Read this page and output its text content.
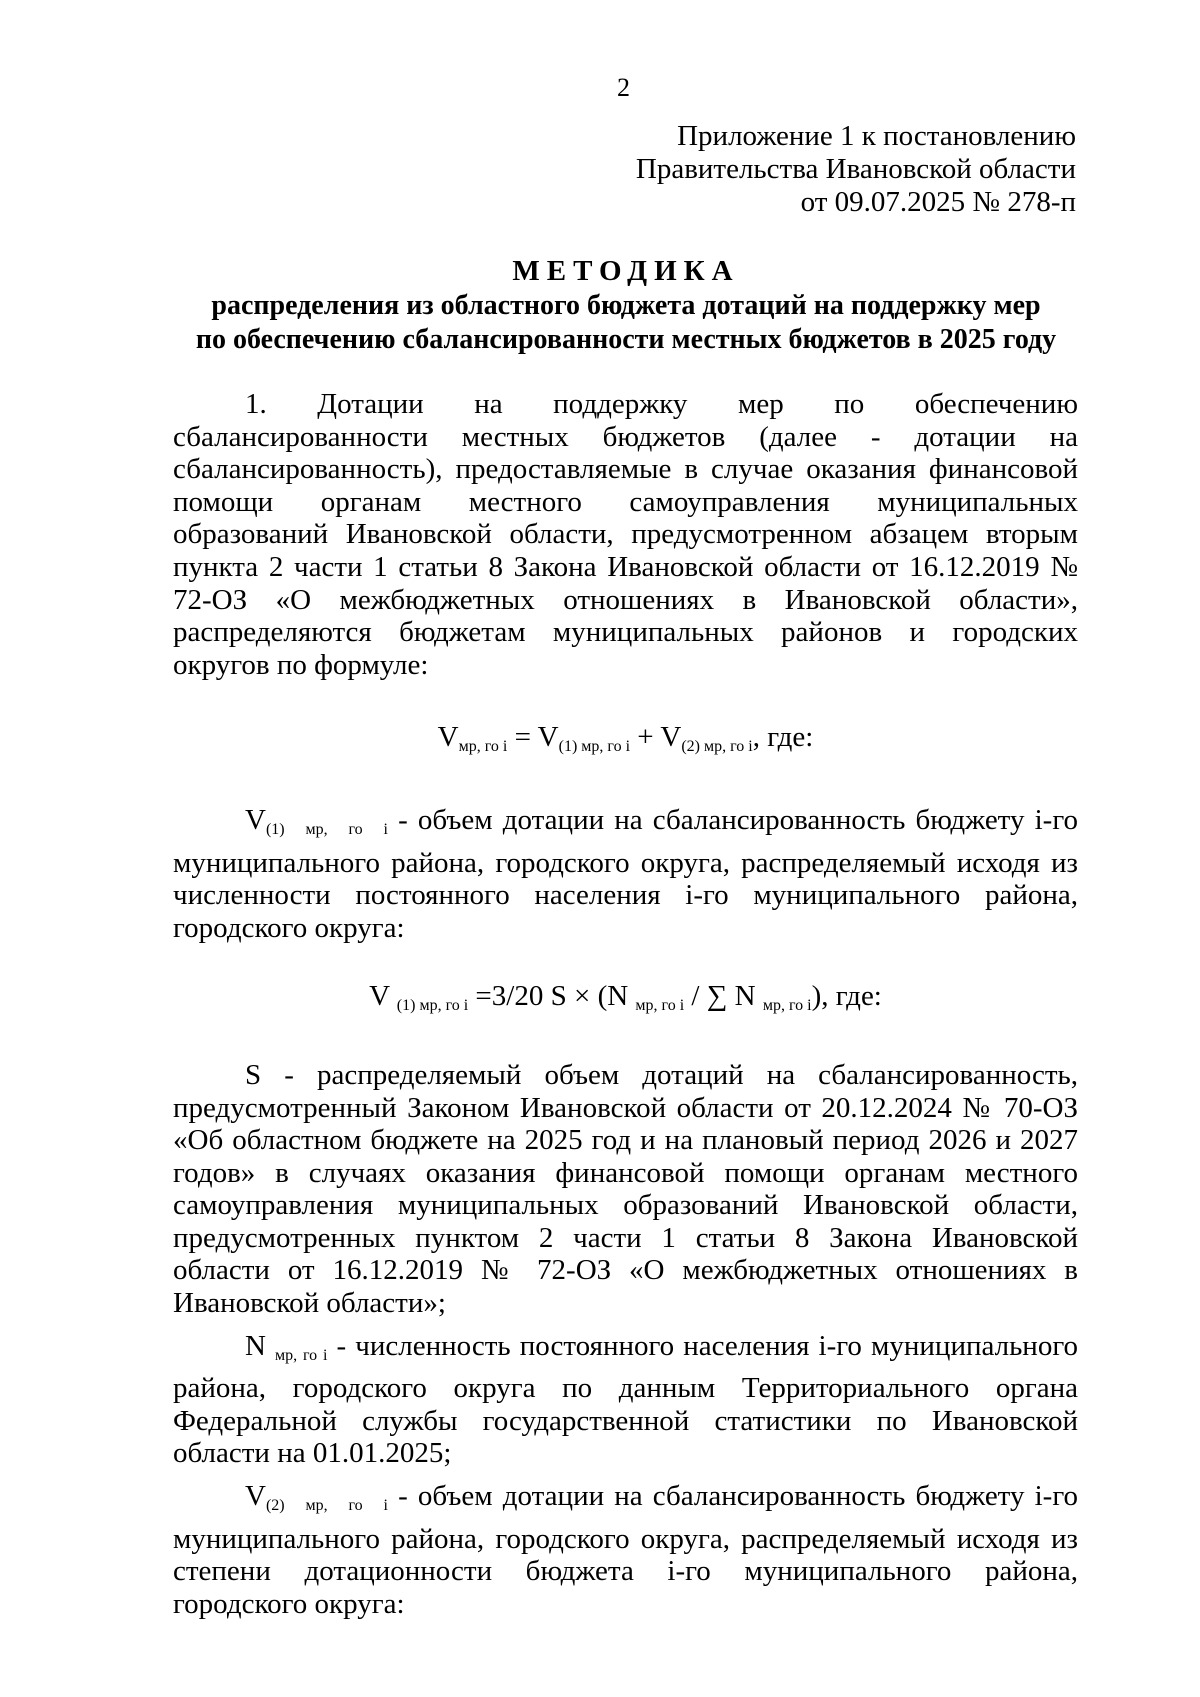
2
Приложение 1 к постановлению
Правительства Ивановской области
от 09.07.2025 № 278-п
МЕТОДИКА
распределения из областного бюджета дотаций на поддержку мер
по обеспечению сбалансированности местных бюджетов в 2025 году

1. Дотации на поддержку мер по обеспечению сбалансированности местных бюджетов (далее - дотации на сбалансированность), предоставляемые в случае оказания финансовой помощи органам местного самоуправления муниципальных образований Ивановской области, предусмотренном абзацем вторым пункта 2 части 1 статьи 8 Закона Ивановской области от 16.12.2019 № 72-ОЗ «О межбюджетных отношениях в Ивановской области», распределяются бюджетам муниципальных районов и городских округов по формуле:

$V_{мр, го i} = V_{(1) мр, го i} + V_{(2) мр, го i}$, где:

$V_{(1) мр, го i}$ - объем дотации на сбалансированность бюджету i-го муниципального района, городского округа, распределяемый исходя из численности постоянного населения i-го муниципального района, городского округа:

V $_{(1) мр, го i}$ =3/20 S × (N $_{мр, го i}$ / ∑ N $_{мр, го i}$), где:

S - распределяемый объем дотаций на сбалансированность, предусмотренный Законом Ивановской области от 20.12.2024 № 70-ОЗ «Об областном бюджете на 2025 год и на плановый период 2026 и 2027 годов» в случаях оказания финансовой помощи органам местного самоуправления муниципальных образований Ивановской области, предусмотренных пунктом 2 части 1 статьи 8 Закона Ивановской области от 16.12.2019 № 72-ОЗ «О межбюджетных отношениях в Ивановской области»;

N $_{мр, го i}$ - численность постоянного населения i-го муниципального района, городского округа по данным Территориального органа Федеральной службы государственной статистики по Ивановской области на 01.01.2025;

$V_{(2) мр, го i}$ - объем дотации на сбалансированность бюджету i-го муниципального района, городского округа, распределяемый исходя из степени дотационности бюджета i-го муниципального района, городского округа:
